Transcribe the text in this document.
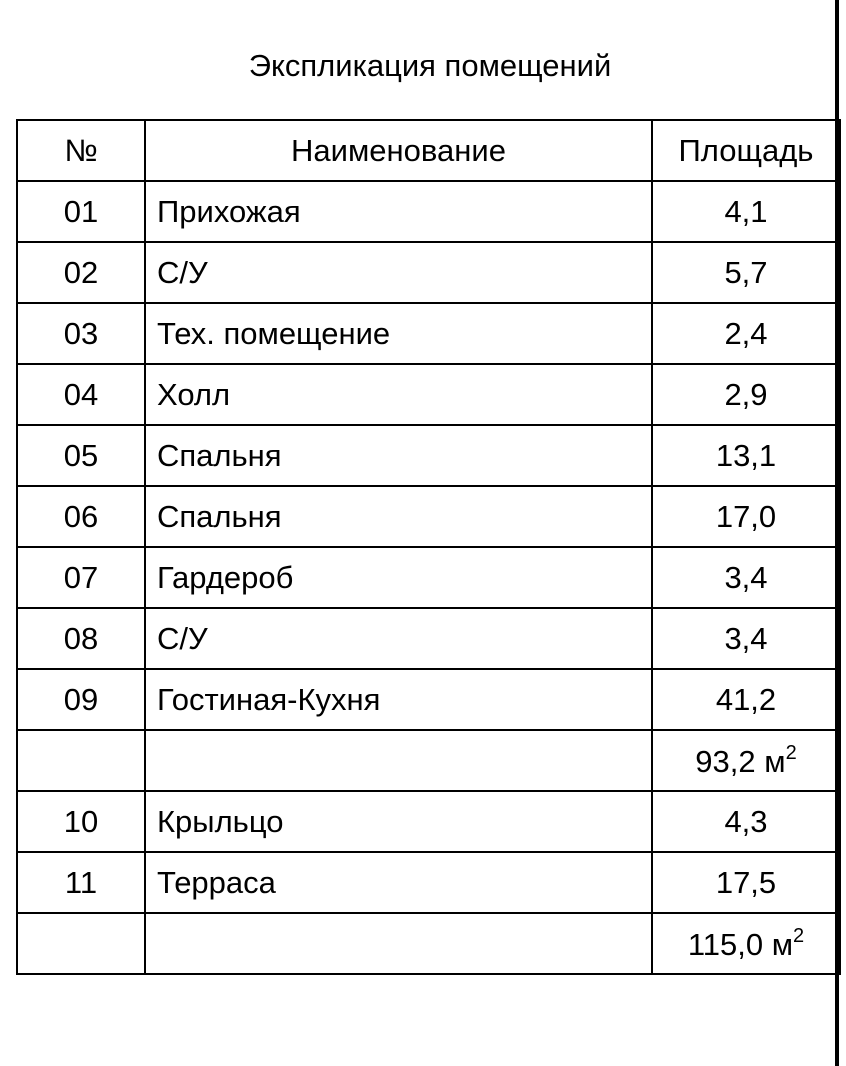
Экспликация помещений
№	Наименование	Площадь
01	Прихожая	4,1
02	С/У	5,7
03	Тех. помещение	2,4
04	Холл	2,9
05	Спальня	13,1
06	Спальня	17,0
07	Гардероб	3,4
08	С/У	3,4
09	Гостиная-Кухня	41,2
		93,2 $м^2$
10	Крыльцо	4,3
11	Терраса	17,5
		115,0 $м^2$
